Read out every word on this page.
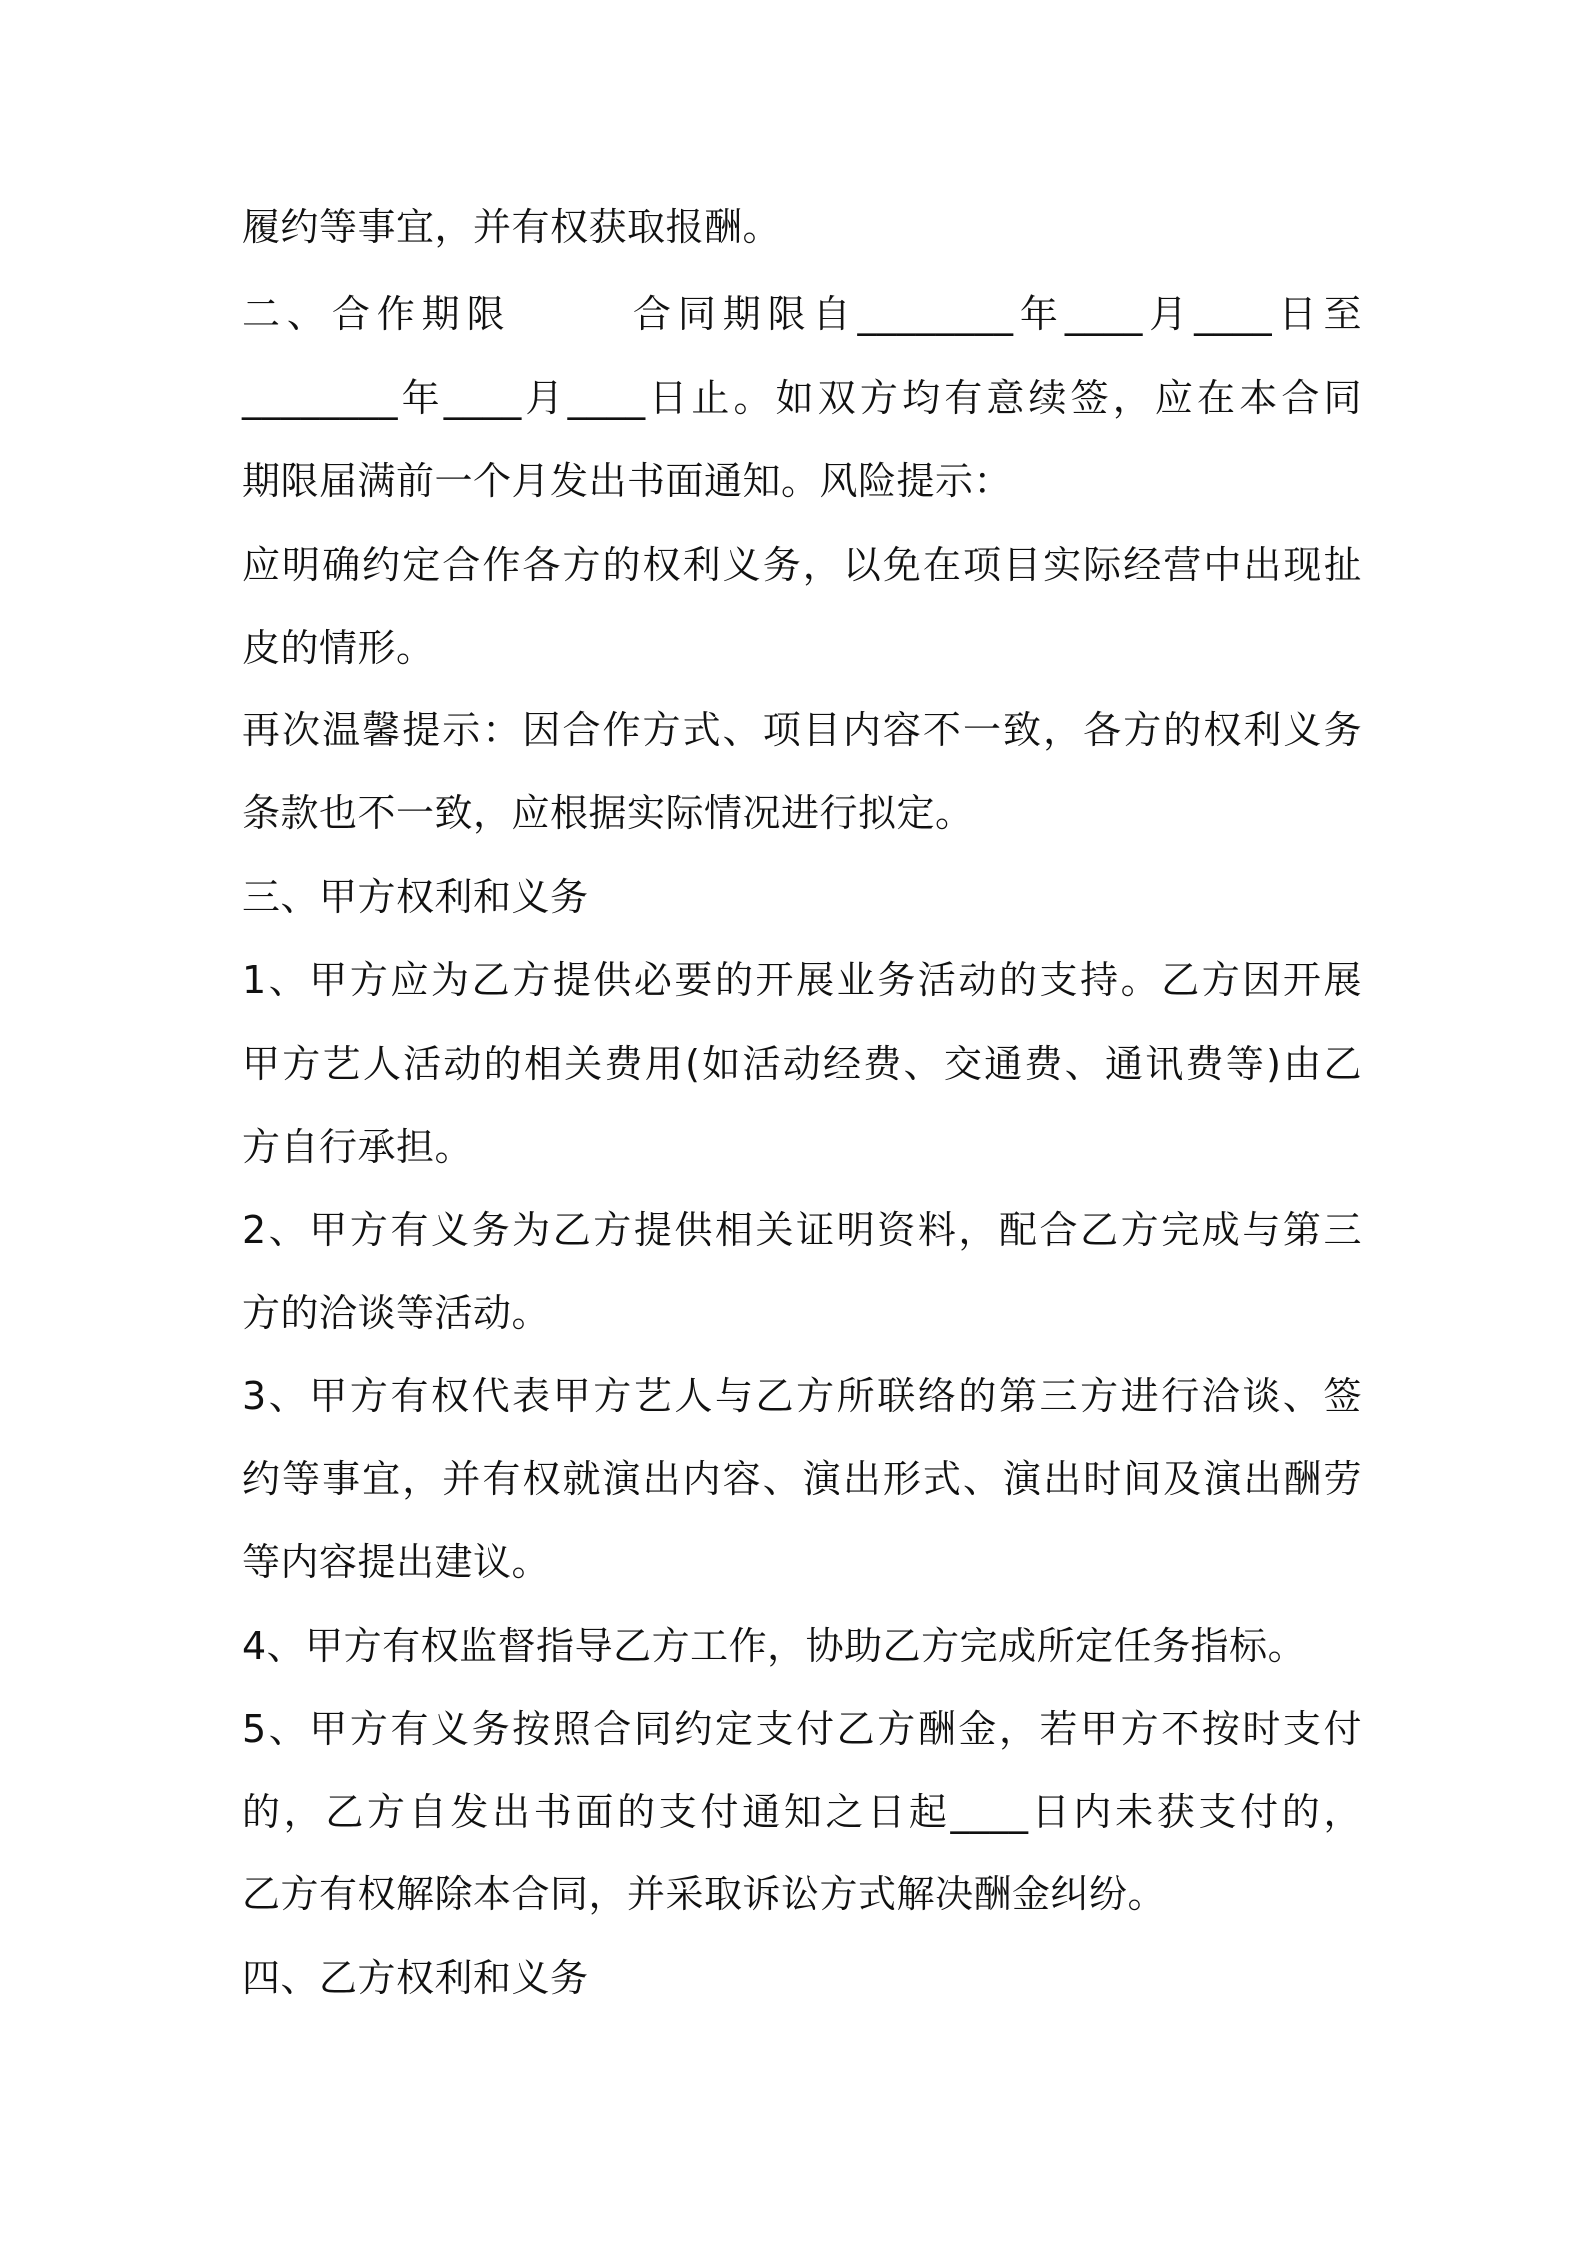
履约等事宜，并有权获取报酬。
二、合作期限	合同期限自________年____月____日至
________年____月____日止。如双方均有意续签，应在本合同
期限届满前一个月发出书面通知。风险提示：
应明确约定合作各方的权利义务，以免在项目实际经营中出现扯
皮的情形。
再次温馨提示：因合作方式、项目内容不一致，各方的权利义务
条款也不一致，应根据实际情况进行拟定。
三、甲方权利和义务
1、甲方应为乙方提供必要的开展业务活动的支持。乙方因开展
甲方艺人活动的相关费用(如活动经费、交通费、通讯费等)由乙
方自行承担。
2、甲方有义务为乙方提供相关证明资料，配合乙方完成与第三
方的洽谈等活动。
3、甲方有权代表甲方艺人与乙方所联络的第三方进行洽谈、签
约等事宜，并有权就演出内容、演出形式、演出时间及演出酬劳
等内容提出建议。
4、甲方有权监督指导乙方工作，协助乙方完成所定任务指标。
5、甲方有义务按照合同约定支付乙方酬金，若甲方不按时支付
的，乙方自发出书面的支付通知之日起____日内未获支付的，
乙方有权解除本合同，并采取诉讼方式解决酬金纠纷。
四、乙方权利和义务
